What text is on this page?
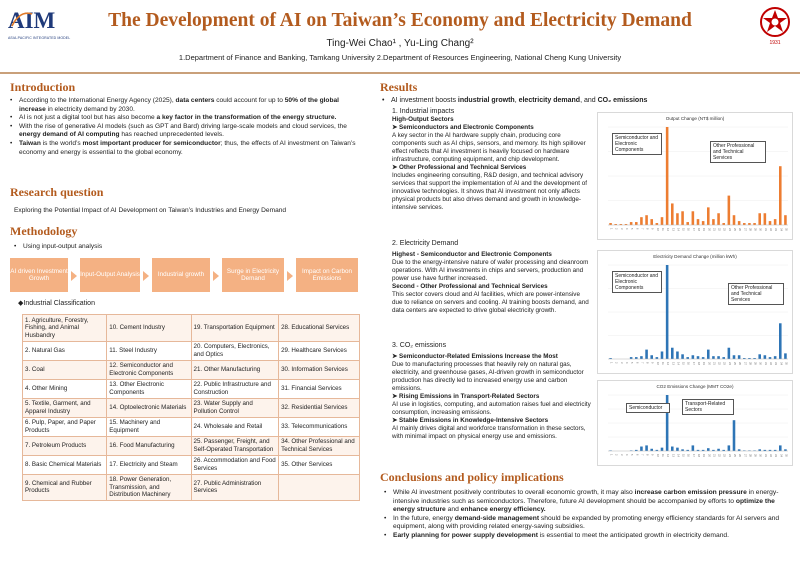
AIM
ASIA-PACIFIC INTEGRATED MODEL
The Development of AI on Taiwan’s Economy and Electricity Demand
Ting-Wei Chao¹ , Yu-Ling Chang²
1.Department of Finance and Banking, Tamkang University 2.Department of Resources Engineering, National Cheng Kung University
1931
Introduction
• According to the International Energy Agency (2025), data centers could account for up to 50% of the global increase in electricity demand by 2030.
• AI is not just a digital tool but has also become a key factor in the transformation of the energy structure.
• With the rise of generative AI models (such as GPT and Bard) driving large-scale models and cloud services, the energy demand of AI computing has reached unprecedented levels.
• Taiwan is the world’s most important producer for semiconductor; thus, the effects of AI investment on Taiwan’s economy and energy is essential to the global economy.
Research question
Exploring the Potential Impact of AI Development on Taiwan’s Industries and Energy Demand
Methodology
• Using input-output analysis
AI driven Investment Growth
Input-Output Analysis	Industrial growth
Surge in Electricity Demand
Impact on Carbon Emissions
◆Industrial Classification
1. Agriculture, Forestry, Fishing, and Animal Husbandry	10. Cement Industry	19. Transportation Equipment	28. Educational Services
2. Natural Gas	11. Steel Industry	20. Computers, Electronics, and Optics	29. Healthcare Services
3. Coal	12. Semiconductor and Electronic Components	21. Other Manufacturing	30. Information Services
4. Other Mining	13. Other Electronic Components	22. Public Infrastructure and Construction	31. Financial Services
5. Textile, Garment, and Apparel Industry	14. Optoelectronic Materials	23. Water Supply and Pollution Control	32. Residential Services
6. Pulp, Paper, and Paper Products	15. Machinery and Equipment	24. Wholesale and Retail	33. Telecommunications
7. Petroleum Products	16. Food Manufacturing	25. Passenger, Freight, and Self-Operated Transportation	34. Other Professional and Technical Services
8. Basic Chemical Materials	17. Electricity and Steam	26. Accommodation and Food Services	35. Other Services
9. Chemical and Rubber Products	18. Power Generation, Transmission, and Distribution Machinery	27. Public Administration Services	
Results
• AI investment boosts industrial growth, electricity demand, and CO₂ emissions
1. Industrial impacts
High-Output Sectors
➤ Semiconductors and Electronic Components
A key sector in the AI hardware supply chain, producing core components such as AI chips, sensors, and memory. Its high spillover effect reflects that AI investment is heavily focused on hardware infrastructure, computing equipment, and chip development.
➤ Other Professional and Technical Services
Includes engineering consulting, R&D design, and technical advisory services that support the implementation of AI and the development of innovative technologies. It shows that AI investment not only affects physical products but also drives demand and growth in knowledge-intensive services.
2. Electricity Demand
Highest - Semiconductor and Electronic Components
Due to the energy-intensive nature of wafer processing and cleanroom operations. With AI investments in chips and servers, production and power use have further increased.
Second - Other Professional and Technical Services
This sector covers cloud and AI facilities, which are power-intensive due to reliance on servers and cooling. AI training boosts demand, and data centers are expected to drive global electricity growth.
3. CO₂ emissions
➤ Semiconductor-Related Emissions Increase the Most
Due to manufacturing processes that heavily rely on natural gas, electricity, and greenhouse gases, AI-driven growth in semiconductor production has directly led to increased energy use and carbon emissions.
➤ Rising Emissions in Transport-Related Sectors
AI use in logistics, computing, and automation raises fuel and electricity consumption, increasing emissions.
➤ Stable Emissions in Knowledge-Intensive Sectors
AI mainly drives digital and workforce transformation in these sectors, with minimal impact on physical energy use and emissions.
Output Change (NT$ million)
1 2 3 4 5 6 7 8 9 10 11 12 13 14 15 16 17 18 19 20 21 22 23 24 25 26 27 28 29 30 31 32 33 34 35
Semiconductor and Electronic Components
Other Professional and Technical Services
Electricity Demand Change (million kWh)
1 2 3 4 5 6 7 8 9 10 11 12 13 14 15 16 17 18 19 20 21 22 23 24 25 26 27 28 29 30 31 32 33 34 35
Semiconductor and Electronic Components	Other Professional and Technical Services
CO2 Emissions Change (MMT CO2e)
1 2 3 4 5 6 7 8 9 10 11 12 13 14 15 16 17 18 19 20 21 22 23 24 25 26 27 28 29 30 31 32 33 34 35
Semiconductor
Transport-Related Sectors
Conclusions and policy implications
• While AI investment positively contributes to overall economic growth, it may also increase carbon emission pressure in energy-intensive industries such as semiconductors. Therefore, future AI development should be accompanied by efforts to optimize the energy structure and enhance energy efficiency.
• In the future, energy demand-side management should be expanded by promoting energy efficiency standards for AI servers and equipment, along with providing related energy-saving subsidies.
• Early planning for power supply development is essential to meet the anticipated growth in electricity demand.
